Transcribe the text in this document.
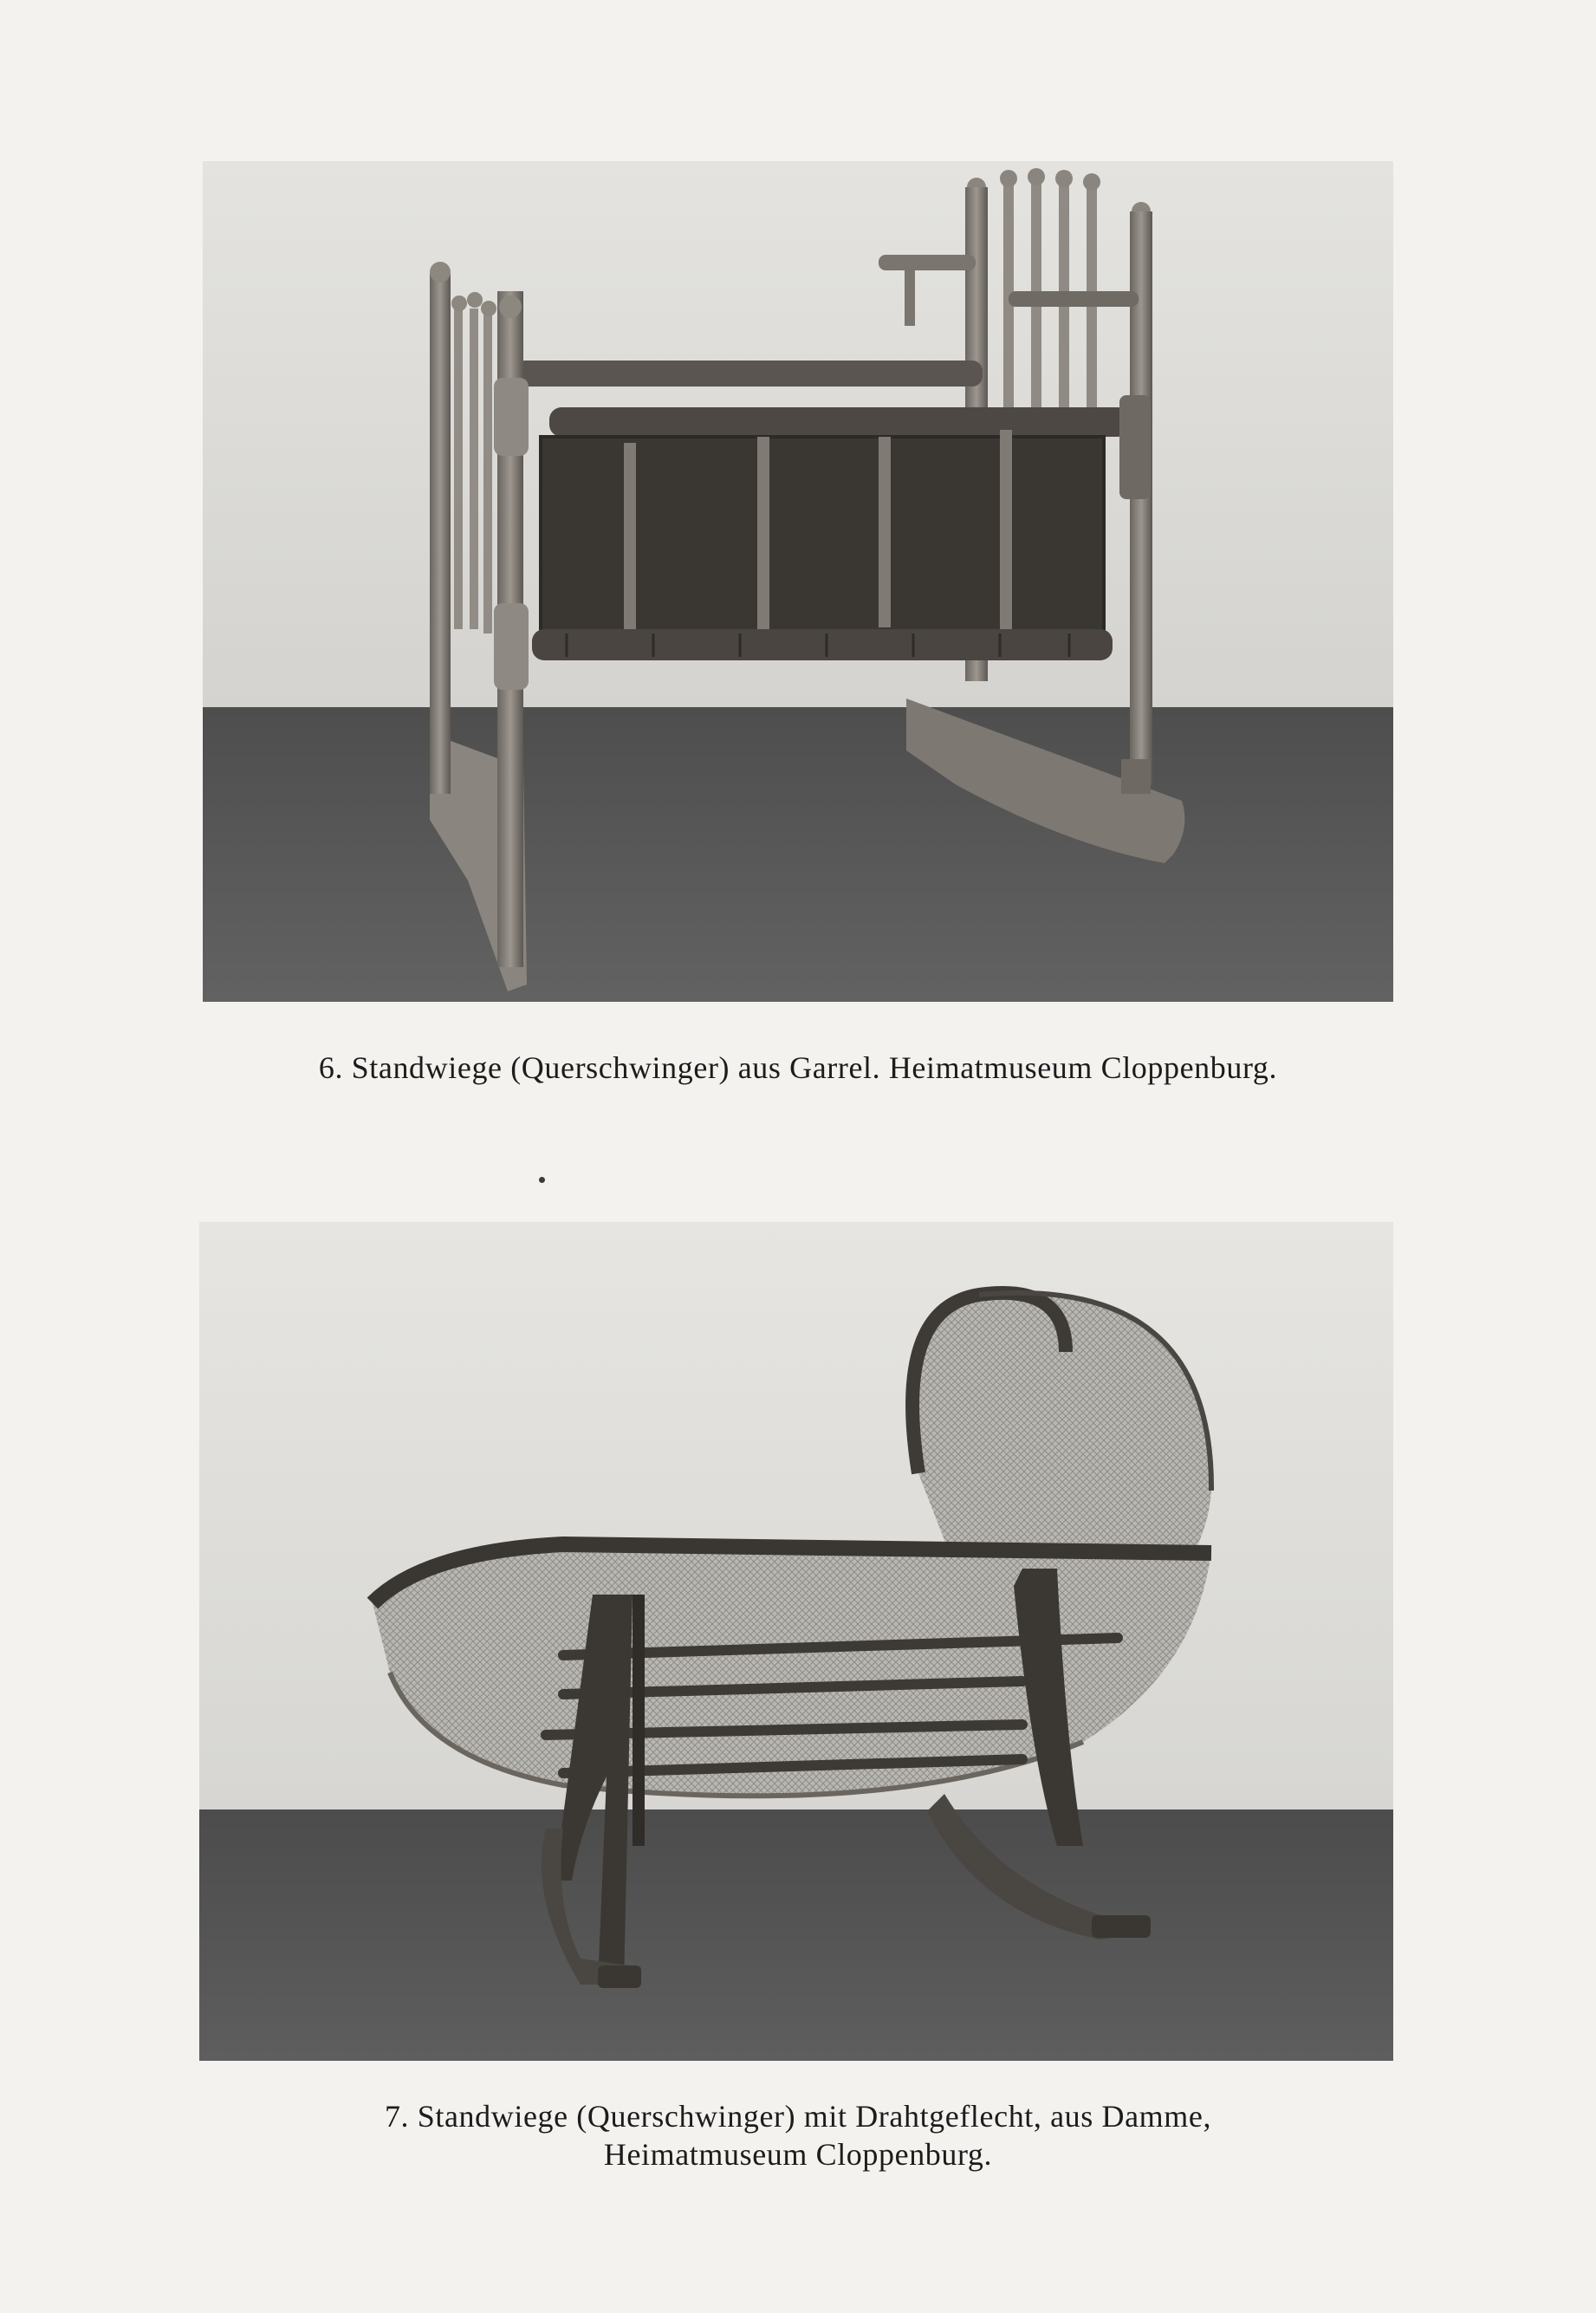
6. Standwiege (Querschwinger) aus Garrel. Heimatmuseum Cloppenburg.

7. Standwiege (Querschwinger) mit Drahtgeflecht, aus Damme,
Heimatmuseum Cloppenburg.
